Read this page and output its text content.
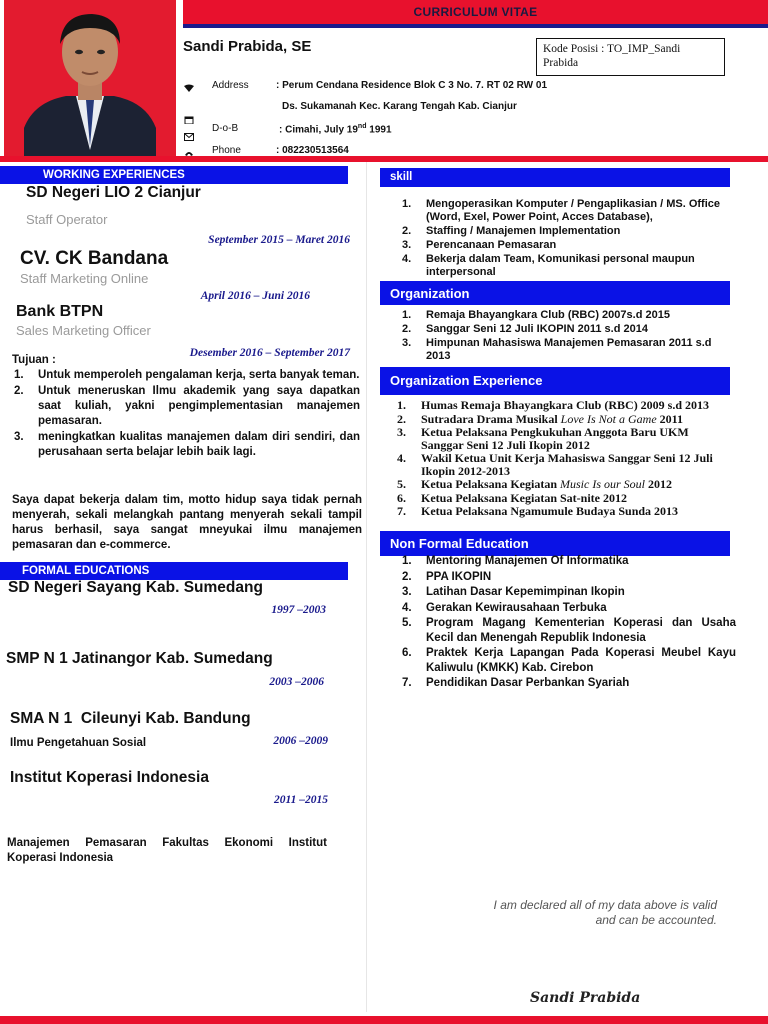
CURRICULUM VITAE
Sandi Prabida, SE	Kode Posisi : TO_IMP_Sandi Prabida
Address	: Perum Cendana Residence Blok C 3 No. 7. RT 02 RW 01
Ds. Sukamanah Kec. Karang Tengah Kab. Cianjur
D-o-B	: Cimahi, July 19nd 1991
Phone	: 082230513564
WORKING EXPERIENCES
SD Negeri LIO 2 Cianjur
Staff Operator
September 2015 – Maret 2016
CV. CK Bandana
Staff Marketing Online
April 2016 – Juni 2016
Bank BTPN
Sales Marketing Officer
Desember 2016 – September 2017
Tujuan :
1. Untuk memperoleh pengalaman kerja, serta banyak teman.
2. Untuk meneruskan Ilmu akademik yang saya dapatkan saat kuliah, yakni pengimplementasian manajemen pemasaran.
3. meningkatkan kualitas manajemen dalam diri sendiri, dan perusahaan serta belajar lebih baik lagi.
Saya dapat bekerja dalam tim, motto hidup saya tidak pernah menyerah, sekali melangkah pantang menyerah sekali tampil harus berhasil, saya sangat mneyukai ilmu manajemen pemasaran dan e-commerce.
FORMAL EDUCATIONS
SD Negeri Sayang Kab. Sumedang
1997 –2003
SMP N 1 Jatinangor Kab. Sumedang
2003 –2006
SMA N 1  Cileunyi Kab. Bandung
Ilmu Pengetahuan Sosial	2006 –2009
Institut Koperasi Indonesia
2011 –2015
Manajemen Pemasaran Fakultas Ekonomi Institut Koperasi Indonesia
skill
1. Mengoperasikan Komputer / Pengaplikasian / MS. Office (Word, Exel, Power Point, Acces Database),
2. Staffing / Manajemen Implementation
3. Perencanaan Pemasaran
4. Bekerja dalam Team, Komunikasi personal maupun interpersonal
Organization
1. Remaja Bhayangkara Club (RBC) 2007s.d 2015
2. Sanggar Seni 12 Juli IKOPIN 2011 s.d 2014
3. Himpunan Mahasiswa Manajemen Pemasaran 2011 s.d 2013
Organization Experience
1. Humas Remaja Bhayangkara Club (RBC) 2009 s.d 2013
2. Sutradara Drama Musikal Love Is Not a Game 2011
3. Ketua Pelaksana Pengkukuhan Anggota Baru UKM Sanggar Seni 12 Juli Ikopin 2012
4. Wakil Ketua Unit Kerja Mahasiswa Sanggar Seni 12 Juli Ikopin 2012-2013
5. Ketua Pelaksana Kegiatan Music Is our Soul 2012
6. Ketua Pelaksana Kegiatan Sat-nite 2012
7. Ketua Pelaksana Ngamumule Budaya Sunda 2013
Non Formal Education
1. Mentoring Manajemen Of Informatika
2. PPA IKOPIN
3. Latihan Dasar Kepemimpinan Ikopin
4. Gerakan Kewirausahaan Terbuka
5. Program Magang Kementerian Koperasi dan Usaha Kecil dan Menengah Republik Indonesia
6. Praktek Kerja Lapangan Pada Koperasi Meubel Kayu Kaliwulu (KMKK) Kab. Cirebon
7. Pendidikan Dasar Perbankan Syariah
I am declared all of my data above is valid
and can be accounted.
Sandi Prabida
